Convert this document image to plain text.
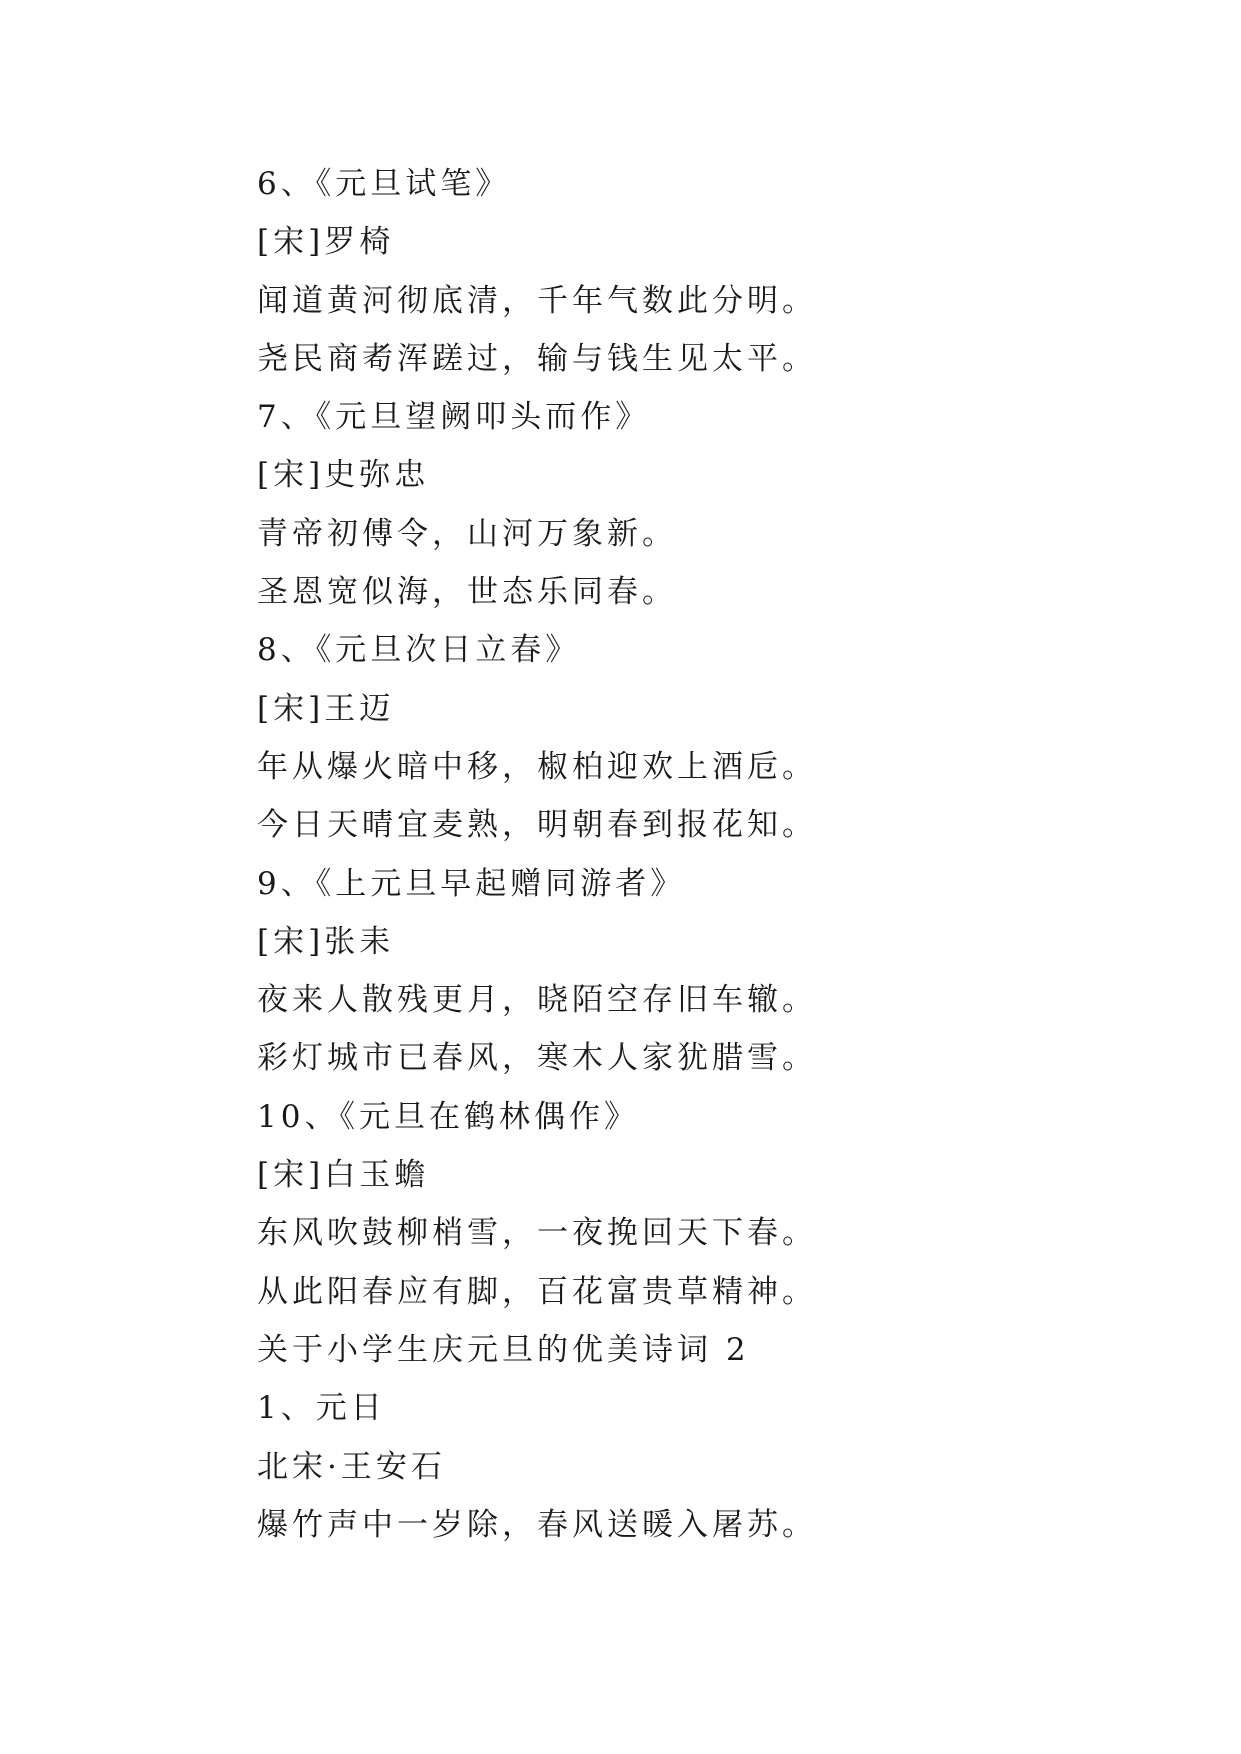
6、《元旦试笔》
[宋]罗椅
闻道黄河彻底清，千年气数此分明。
尧民商耇浑蹉过，输与钱生见太平。
7、《元旦望阙叩头而作》
[宋]史弥忠
青帝初傅令，山河万象新。
圣恩宽似海，世态乐同春。
8、《元旦次日立春》
[宋]王迈
年从爆火暗中移，椒柏迎欢上酒卮。
今日天晴宜麦熟，明朝春到报花知。
9、《上元旦早起赠同游者》
[宋]张耒
夜来人散残更月，晓陌空存旧车辙。
彩灯城市已春风，寒木人家犹腊雪。
10、《元旦在鹤林偶作》
[宋]白玉蟾
东风吹鼓柳梢雪，一夜挽回天下春。
从此阳春应有脚，百花富贵草精神。
关于小学生庆元旦的优美诗词 2
1、元日
北宋·王安石
爆竹声中一岁除，春风送暖入屠苏。
